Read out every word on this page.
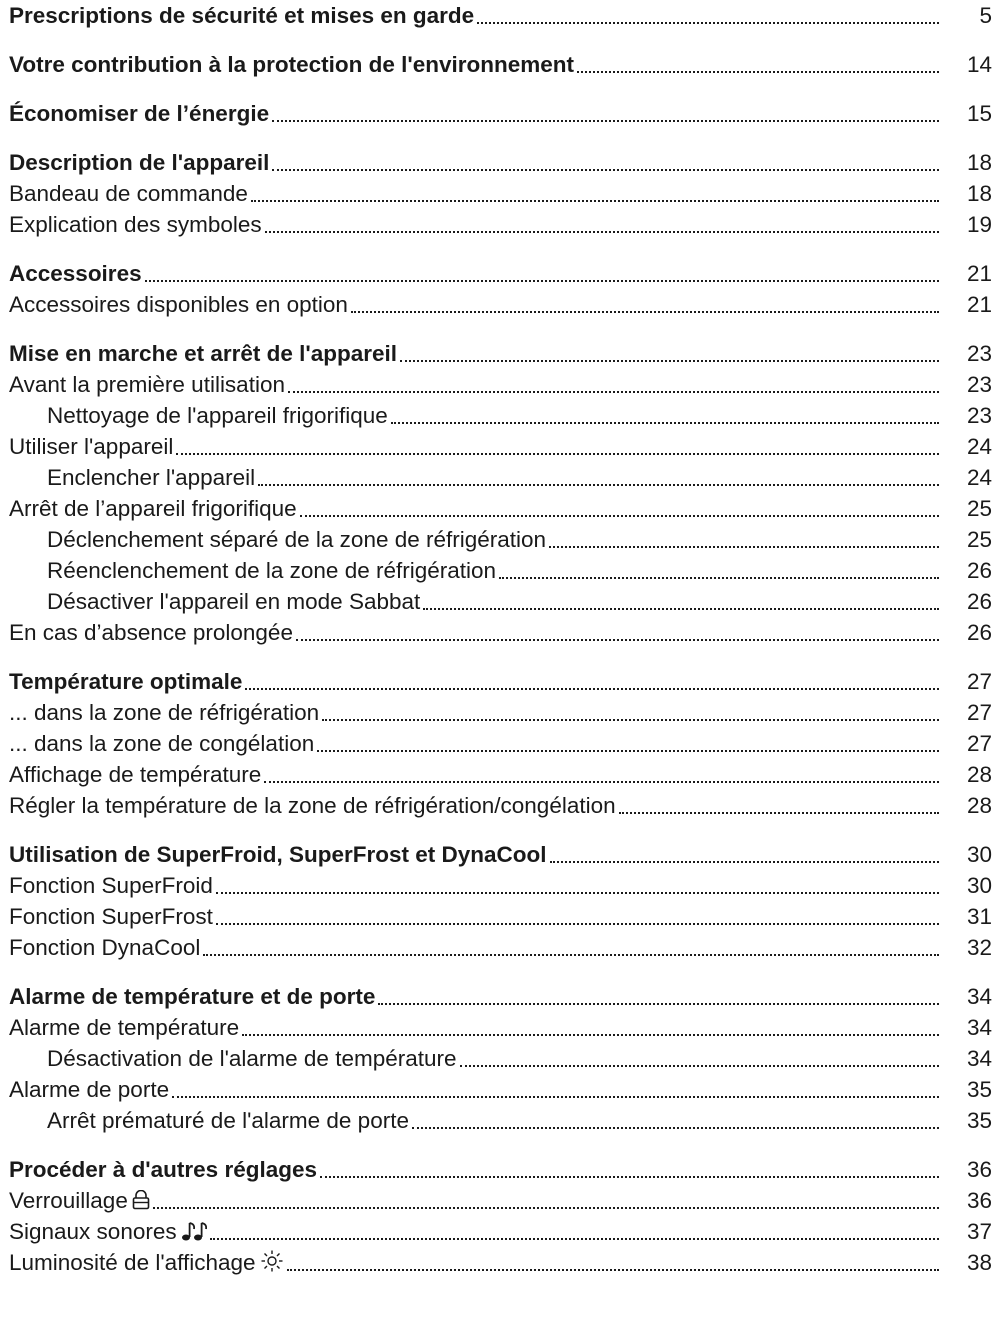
Prescriptions de sécurité et mises en garde	5
Votre contribution à la protection de l'environnement	14
Économiser de l’énergie	15
Description de l'appareil	18
Bandeau de commande	18
Explication des symboles	19
Accessoires	21
Accessoires disponibles en option	21
Mise en marche et arrêt de l'appareil	23
Avant la première utilisation	23
Nettoyage de l'appareil frigorifique	23
Utiliser l'appareil	24
Enclencher l'appareil	24
Arrêt de l’appareil frigorifique	25
Déclenchement séparé de la zone de réfrigération	25
Réenclenchement de la zone de réfrigération	26
Désactiver l'appareil en mode Sabbat	26
En cas d’absence prolongée	26
Température optimale	27
... dans la zone de réfrigération	27
... dans la zone de congélation	27
Affichage de température	28
Régler la température de la zone de réfrigération/congélation	28
Utilisation de SuperFroid, SuperFrost et DynaCool	30
Fonction SuperFroid	30
Fonction SuperFrost	31
Fonction DynaCool	32
Alarme de température et de porte	34
Alarme de température	34
Désactivation de l'alarme de température	34
Alarme de porte	35
Arrêt prématuré de l'alarme de porte	35
Procéder à d'autres réglages	36
Verrouillage	36
Signaux sonores	37
Luminosité de l'affichage	38
